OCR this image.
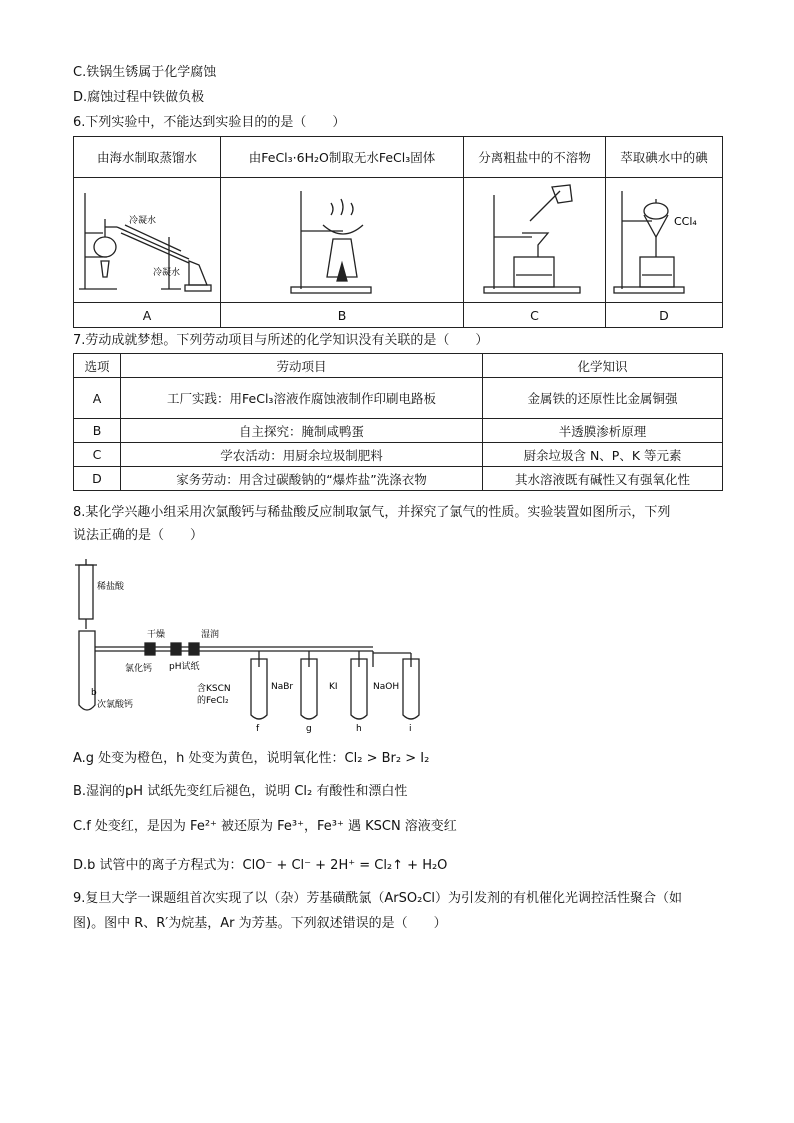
C.铁锅生锈属于化学腐蚀
D.腐蚀过程中铁做负极
6.下列实验中，不能达到实验目的的是（　　）
由海水制取蒸馏水	由FeCl₃·6H₂O制取无水FeCl₃固体	分离粗盐中的不溶物	萃取碘水中的碘

冷凝水
冷凝水			CCl₄

A	B	C	D
7.劳动成就梦想。下列劳动项目与所述的化学知识没有关联的是（　　）
选项	劳动项目	化学知识
A	工厂实践：用FeCl₃溶液作腐蚀液制作印刷电路板	金属铁的还原性比金属铜强
B	自主探究：腌制咸鸭蛋	半透膜渗析原理
C	学农活动：用厨余垃圾制肥料	厨余垃圾含 N、P、K 等元素
D	家务劳动：用含过碳酸钠的“爆炸盐”洗涤衣物	其水溶液既有碱性又有强氧化性
8.某化学兴趣小组采用次氯酸钙与稀盐酸反应制取氯气，并探究了氯气的性质。实验装置如图所示，下列
说法正确的是（　　）
稀盐酸
b
次氯酸钙
氯化钙
干燥	湿润
pH试纸
含KSCN
的FeCl₂
NaBr	KI	NaOH
f	g	h	i
A.g 处变为橙色，h 处变为黄色，说明氧化性：Cl₂ > Br₂ > I₂
B.湿润的pH 试纸先变红后褪色，说明 Cl₂ 有酸性和漂白性
C.f 处变红，是因为 Fe²⁺ 被还原为 Fe³⁺，Fe³⁺ 遇 KSCN 溶液变红
D.b 试管中的离子方程式为：ClO⁻ + Cl⁻ + 2H⁺ = Cl₂↑ + H₂O
9.复旦大学一课题组首次实现了以（杂）芳基磺酰氯（ArSO₂Cl）为引发剂的有机催化光调控活性聚合（如
图)。图中 R、R′为烷基，Ar 为芳基。下列叙述错误的是（　　）
